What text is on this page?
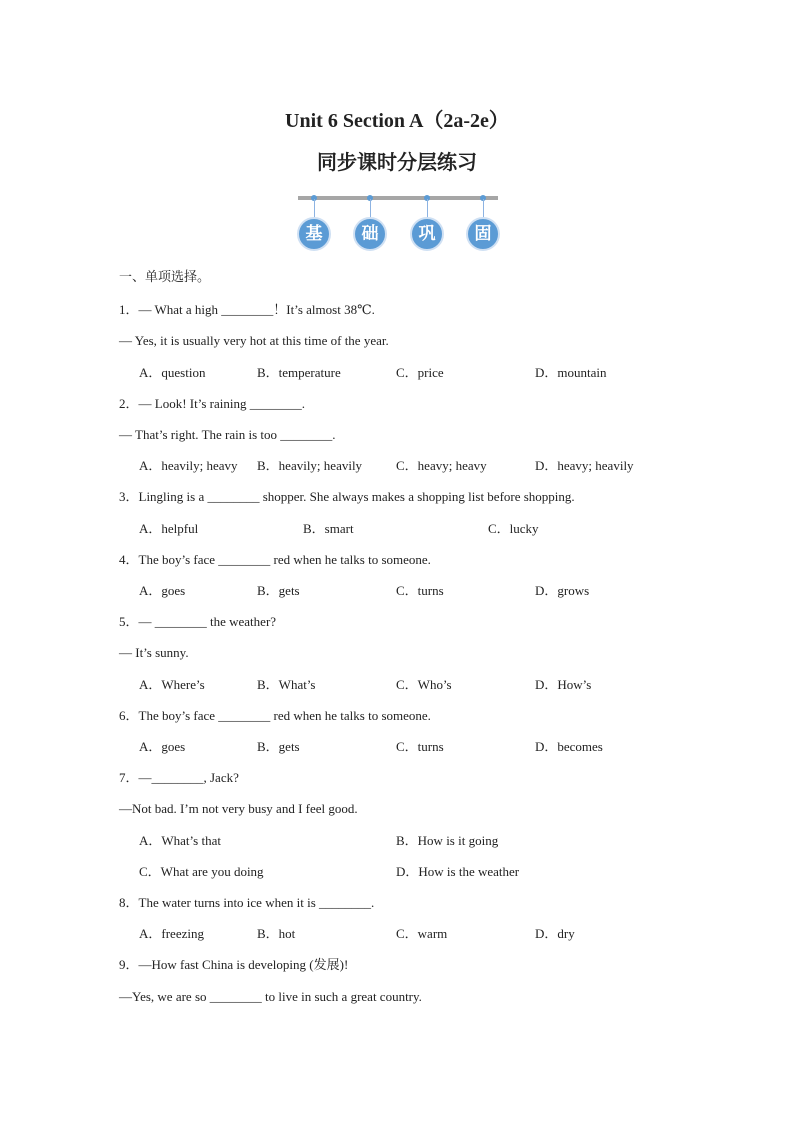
Unit 6 Section A（2a-2e）
同步课时分层练习
基	础	巩	固
一、单项选择。
1．— What a high ________！It’s almost 38℃.
— Yes, it is usually very hot at this time of the year.
A．question	B．temperature	C．price	D．mountain
2．— Look! It’s raining ________.
— That’s right. The rain is too ________.
A．heavily; heavy B．heavily; heavily	C．heavy; heavy	D．heavy; heavily
3．Lingling is a ________ shopper. She always makes a shopping list before shopping.
A．helpful	B．smart	C．lucky
4．The boy’s face ________ red when he talks to someone.
A．goes	B．gets	C．turns	D．grows
5．— ________ the weather?
— It’s sunny.
A．Where’s	B．What’s	C．Who’s	D．How’s
6．The boy’s face ________ red when he talks to someone.
A．goes	B．gets	C．turns	D．becomes
7．—________, Jack?
—Not bad. I’m not very busy and I feel good.
A．What’s that	B．How is it going
C．What are you doing	D．How is the weather
8．The water turns into ice when it is ________.
A．freezing	B．hot	C．warm	D．dry
9．—How fast China is developing (发展)!
—Yes, we are so ________ to live in such a great country.
